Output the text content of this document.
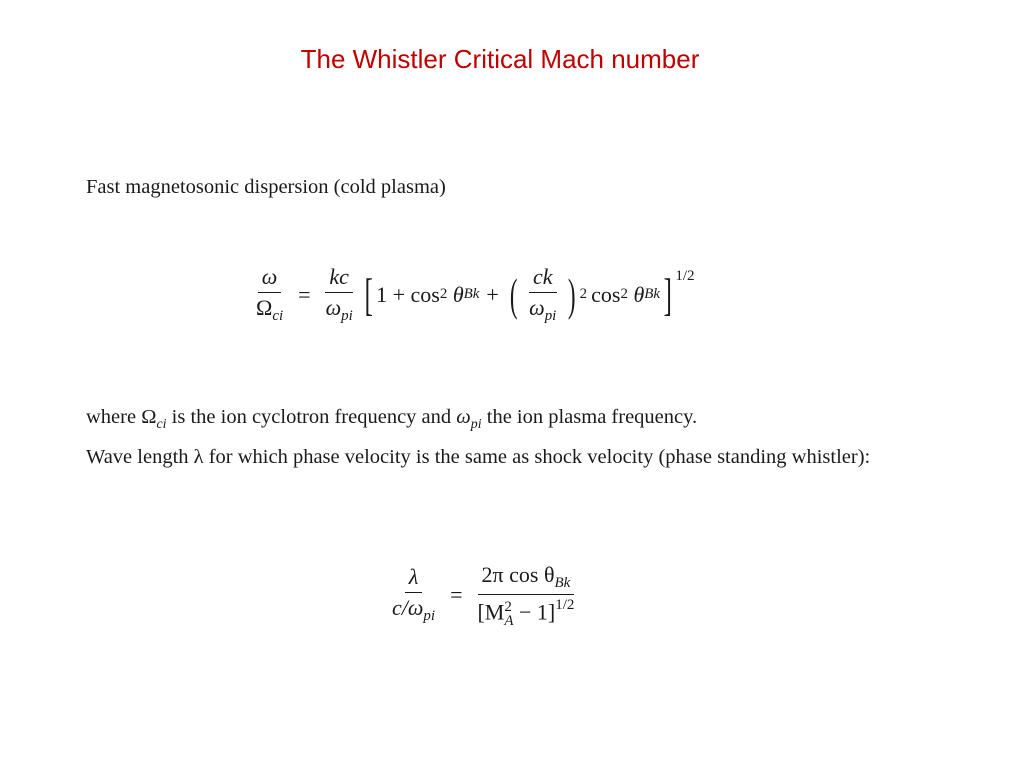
The Whistler Critical Mach number
Fast magnetosonic dispersion (cold plasma)
$\frac{\omega}{\Omega_{ci}} = \frac{kc}{\omega_{pi}}$ [ 1 + cos 2
θ Bk + ( $\frac{ck}{\omega_{pi}}$ ) 2 cos 2
θ Bk ] 1/2
where $\Omega_{ci}$ is the ion cyclotron frequency and $\omega_{pi}$ the ion plasma frequency.
Wave length λ for which phase velocity is the same as shock velocity (phase standing whistler):
$\frac{\lambda}{c/\omega_{pi}} = 2\pi$ $\cos \theta_{Bk}$
[M 2
A − 1]$^{1/2}$
